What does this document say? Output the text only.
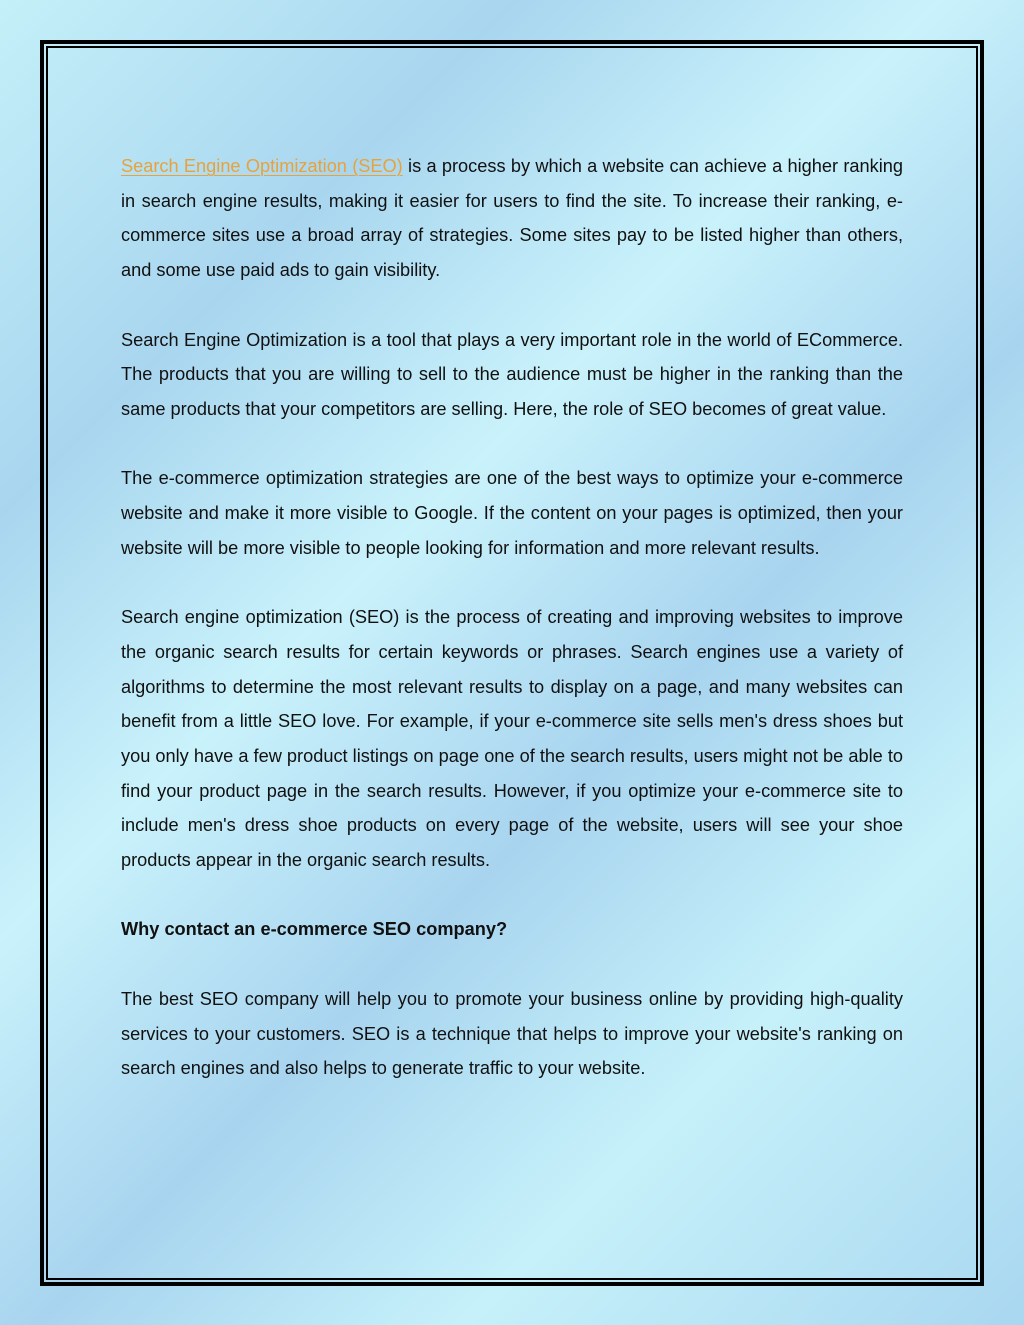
Search Engine Optimization (SEO) is a process by which a website can achieve a higher ranking in search engine results, making it easier for users to find the site. To increase their ranking, e-commerce sites use a broad array of strategies. Some sites pay to be listed higher than others, and some use paid ads to gain visibility.

Search Engine Optimization is a tool that plays a very important role in the world of ECommerce. The products that you are willing to sell to the audience must be higher in the ranking than the same products that your competitors are selling. Here, the role of SEO becomes of great value.

The e-commerce optimization strategies are one of the best ways to optimize your e-commerce website and make it more visible to Google. If the content on your pages is optimized, then your website will be more visible to people looking for information and more relevant results.

Search engine optimization (SEO) is the process of creating and improving websites to improve the organic search results for certain keywords or phrases. Search engines use a variety of algorithms to determine the most relevant results to display on a page, and many websites can benefit from a little SEO love. For example, if your e-commerce site sells men's dress shoes but you only have a few product listings on page one of the search results, users might not be able to find your product page in the search results. However, if you optimize your e-commerce site to include men's dress shoe products on every page of the website, users will see your shoe products appear in the organic search results.

Why contact an e-commerce SEO company?

The best SEO company will help you to promote your business online by providing high-quality services to your customers. SEO is a technique that helps to improve your website's ranking on search engines and also helps to generate traffic to your website.
